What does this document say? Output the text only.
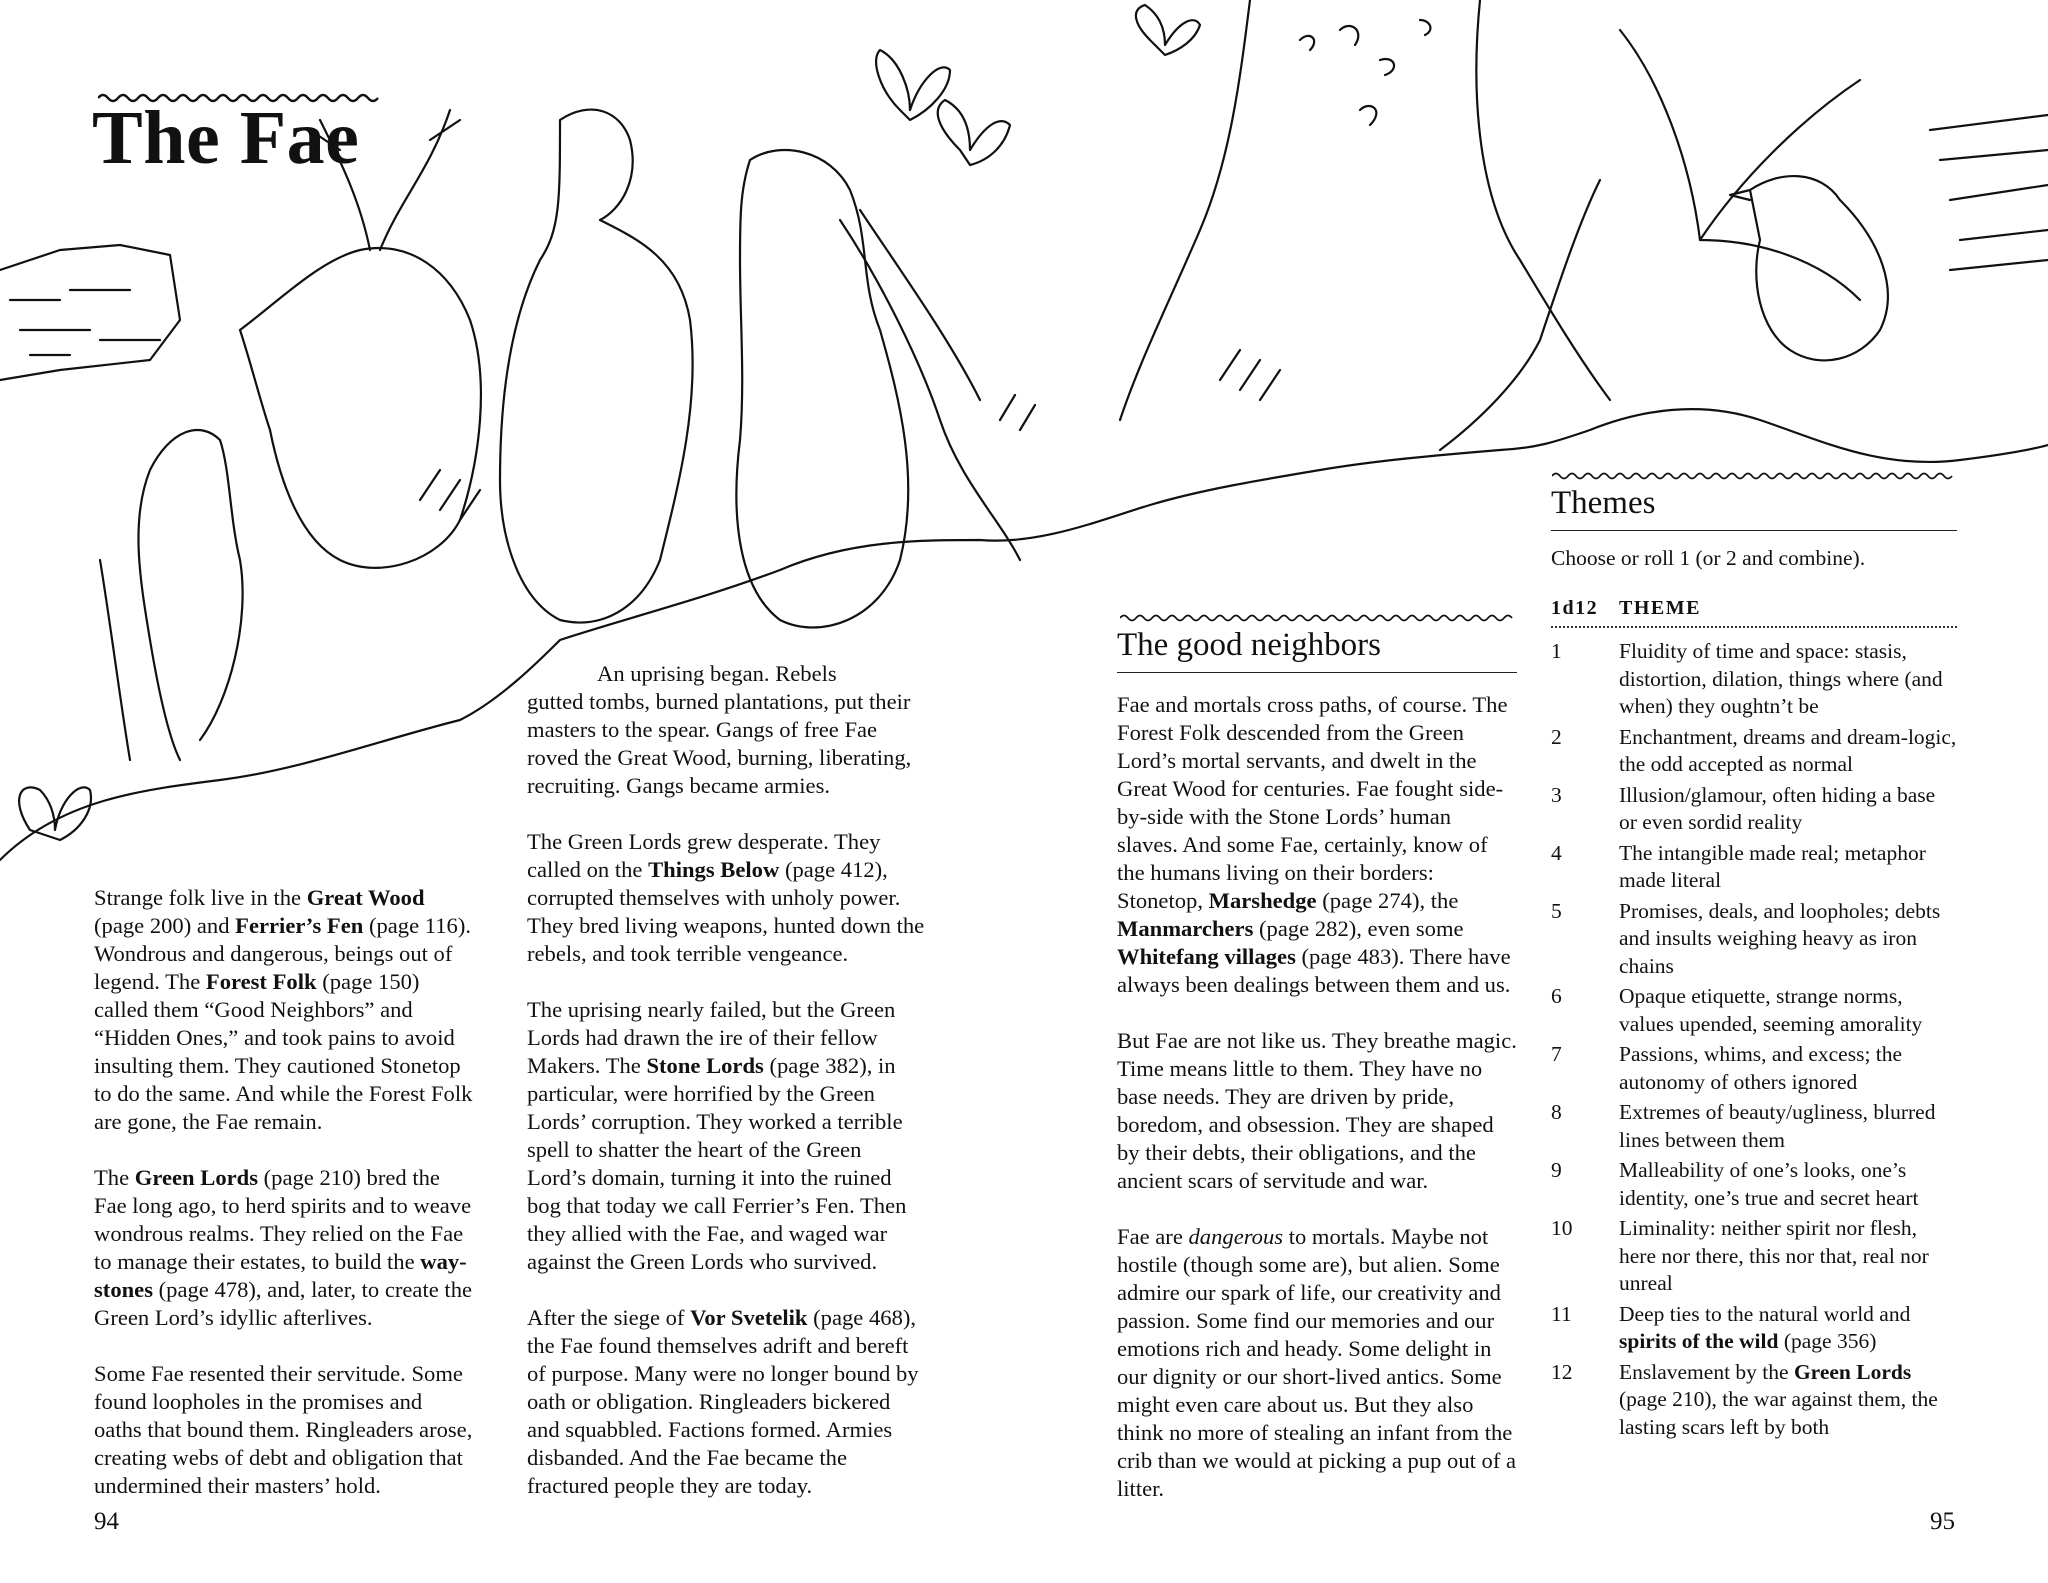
The Fae

Strange folk live in the Great Wood (page 200) and Ferrier’s Fen (page 116). Wondrous and dangerous, beings out of legend. The Forest Folk (page 150) called them “Good Neighbors” and “Hidden Ones,” and took pains to avoid insulting them. They cautioned Stonetop to do the same. And while the Forest Folk are gone, the Fae remain.

The Green Lords (page 210) bred the Fae long ago, to herd spirits and to weave wondrous realms. They relied on the Fae to manage their estates, to build the way-stones (page 478), and, later, to create the Green Lord’s idyllic afterlives.

Some Fae resented their servitude. Some found loopholes in the promises and oaths that bound them. Ringleaders arose, creating webs of debt and obligation that undermined their masters’ hold.

An uprising began. Rebels

gutted tombs, burned plantations, put their masters to the spear. Gangs of free Fae roved the Great Wood, burning, liberating, recruiting. Gangs became armies.

The Green Lords grew desperate. They called on the Things Below (page 412), corrupted themselves with unholy power. They bred living weapons, hunted down the rebels, and took terrible vengeance.

The uprising nearly failed, but the Green Lords had drawn the ire of their fellow Makers. The Stone Lords (page 382), in particular, were horrified by the Green Lords’ corruption. They worked a terrible spell to shatter the heart of the Green Lord’s domain, turning it into the ruined bog that today we call Ferrier’s Fen. Then they allied with the Fae, and waged war against the Green Lords who survived.

After the siege of Vor Svetelik (page 468), the Fae found themselves adrift and bereft of purpose. Many were no longer bound by oath or obligation. Ringleaders bickered and squabbled. Factions formed. Armies disbanded. And the Fae became the fractured people they are today.

The good neighbors

Fae and mortals cross paths, of course. The Forest Folk descended from the Green Lord’s mortal servants, and dwelt in the Great Wood for centuries. Fae fought side-by-side with the Stone Lords’ human slaves. And some Fae, certainly, know of the humans living on their borders: Stonetop, Marshedge (page 274), the Manmarchers (page 282), even some Whitefang villages (page 483). There have always been dealings between them and us.

But Fae are not like us. They breathe magic. Time means little to them. They have no base needs. They are driven by pride, boredom, and obsession. They are shaped by their debts, their obligations, and the ancient scars of servitude and war.

Fae are dangerous to mortals. Maybe not hostile (though some are), but alien. Some admire our spark of life, our creativity and passion. Some find our memories and our emotions rich and heady. Some delight in our dignity or our short-lived antics. Some might even care about us. But they also think no more of stealing an infant from the crib than we would at picking a pup out of a litter.

Themes

Choose or roll 1 (or 2 and combine).

1d12	THEME
1	Fluidity of time and space: stasis, distortion, dilation, things where (and when) they oughtn’t be
2	Enchantment, dreams and dream-logic, the odd accepted as normal
3	Illusion/glamour, often hiding a base or even sordid reality
4	The intangible made real; metaphor made literal
5	Promises, deals, and loopholes; debts and insults weighing heavy as iron chains
6	Opaque etiquette, strange norms, values upended, seeming amorality
7	Passions, whims, and excess; the autonomy of others ignored
8	Extremes of beauty/ugliness, blurred lines between them
9	Malleability of one’s looks, one’s identity, one’s true and secret heart
10	Liminality: neither spirit nor flesh, here nor there, this nor that, real nor unreal
11	Deep ties to the natural world and spirits of the wild (page 356)
12	Enslavement by the Green Lords (page 210), the war against them, the lasting scars left by both
94	95
